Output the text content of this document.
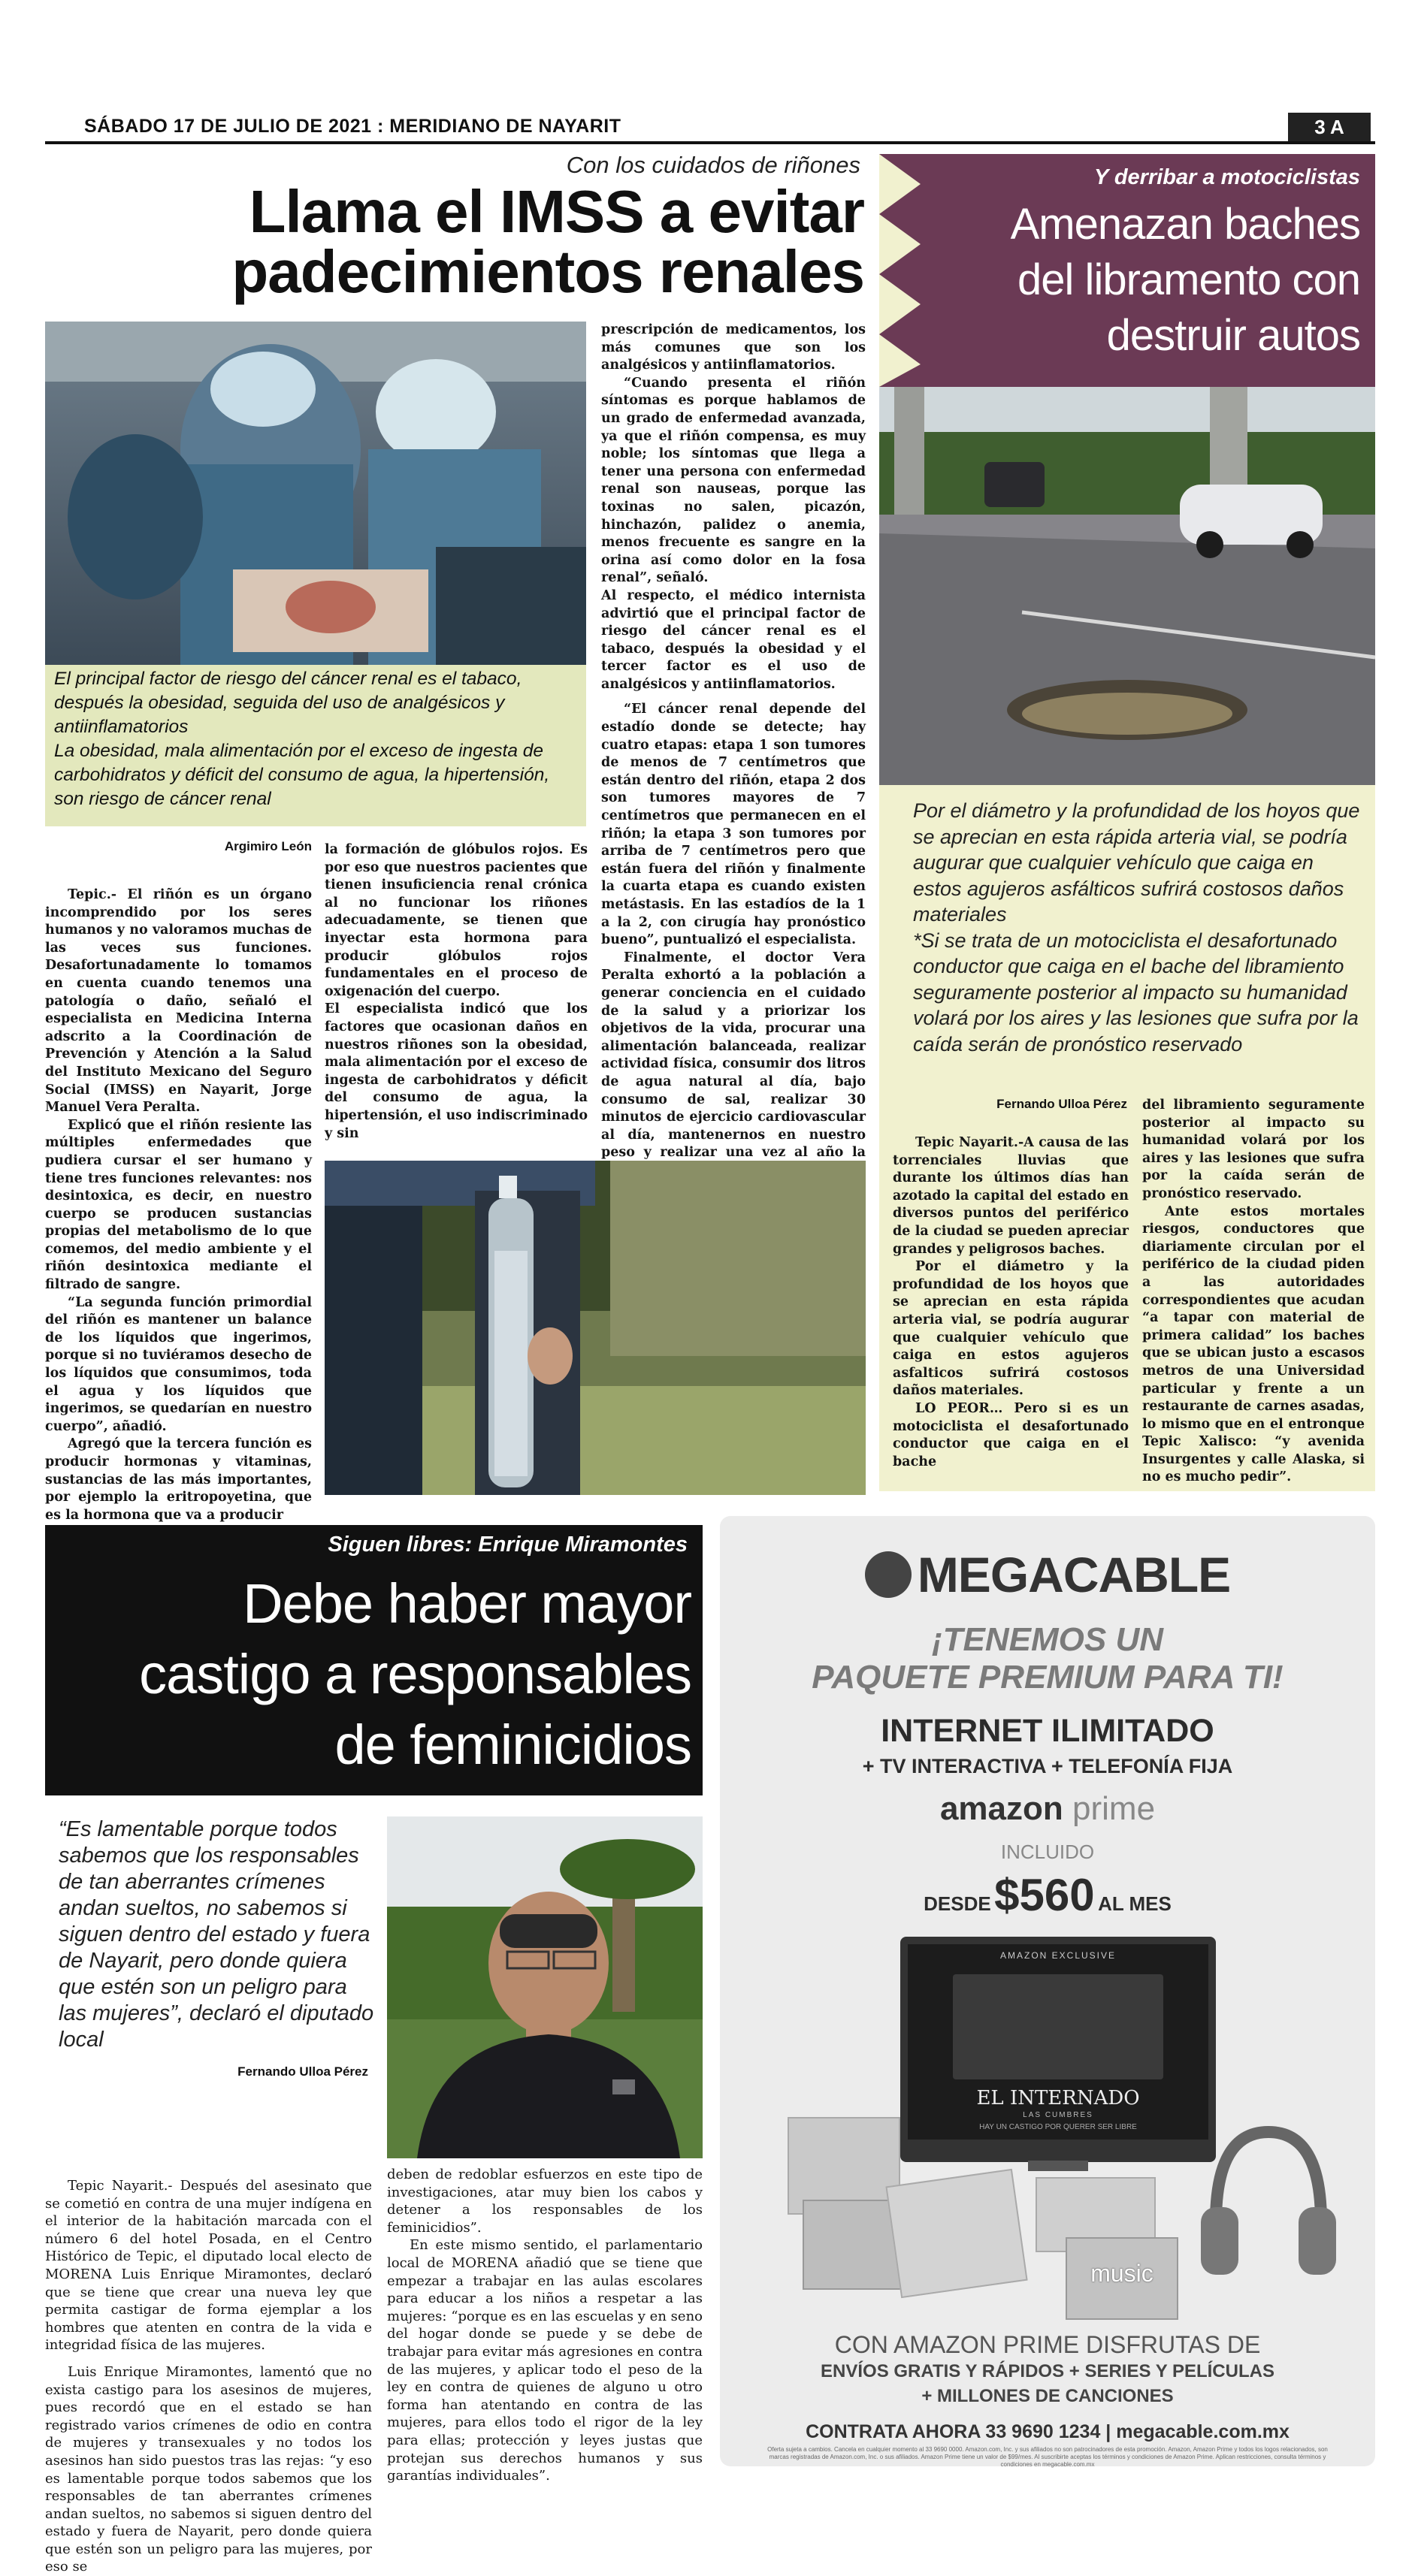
SÁBADO 17 DE JULIO DE 2021 : MERIDIANO DE NAYARIT	3 A
Con los cuidados de riñones
Llama el IMSS a evitar
padecimientos renales
El principal factor de riesgo del cáncer renal es el tabaco, después la obesidad, seguida del uso de analgésicos y antiinflamatorios
La obesidad, mala alimentación por el exceso de ingesta de carbohidratos y déficit del consumo de agua, la hipertensión, son riesgo de cáncer renal
Argimiro León

Tepic.- El riñón es un órgano incomprendido por los seres humanos y no valoramos muchas de las veces sus funciones. Desafortunadamente lo tomamos en cuenta cuando tenemos una patología o daño, señaló el especialista en Medicina Interna adscrito a la Coordinación de Prevención y Atención a la Salud del Instituto Mexicano del Seguro Social (IMSS) en Nayarit, Jorge Manuel Vera Peralta.

Explicó que el riñón resiente las múltiples enfermedades que pudiera cursar el ser humano y tiene tres funciones relevantes: nos desintoxica, es decir, en nuestro cuerpo se producen sustancias propias del metabolismo de lo que comemos, del medio ambiente y el riñón desintoxica mediante el filtrado de sangre.

“La segunda función primordial del riñón es mantener un balance de los líquidos que ingerimos, porque si no tuviéramos desecho de los líquidos que consumimos, toda el agua y los líquidos que ingerimos, se quedarían en nuestro cuerpo”, añadió.

Agregó que la tercera función es producir hormonas y vitaminas, sustancias de las más importantes, por ejemplo la eritropoyetina, que es la hormona que va a producir

la formación de glóbulos rojos. Es por eso que nuestros pacientes que tienen insuficiencia renal crónica al no funcionar los riñones adecuadamente, se tienen que inyectar esta hormona para producir glóbulos rojos fundamentales en el proceso de oxigenación del cuerpo.

El especialista indicó que los factores que ocasionan daños en nuestros riñones son la obesidad, mala alimentación por el exceso de ingesta de carbohidratos y déficit del consumo de agua, la hipertensión, el uso indiscriminado y sin

prescripción de medicamentos, los más comunes que son los analgésicos y antiinflamatorios.

“Cuando presenta el riñón síntomas es porque hablamos de un grado de enfermedad avanzada, ya que el riñón compensa, es muy noble; los síntomas que llega a tener una persona con enfermedad renal son nauseas, porque las toxinas no salen, picazón, hinchazón, palidez o anemia, menos frecuente es sangre en la orina así como dolor en la fosa renal”, señaló.

Al respecto, el médico internista advirtió que el principal factor de riesgo del cáncer renal es el tabaco, después la obesidad y el tercer factor es el uso de analgésicos y antiinflamatorios.

“El cáncer renal depende del estadío donde se detecte; hay cuatro etapas: etapa 1 son tumores de menos de 7 centímetros que están dentro del riñón, etapa 2 dos son tumores mayores de 7 centímetros que permanecen en el riñón; la etapa 3 son tumores por arriba de 7 centímetros pero que están fuera del riñón y finalmente la cuarta etapa es cuando existen metástasis. En las estadíos de la 1 a la 2, con cirugía hay pronóstico bueno”, puntualizó el especialista.

Finalmente, el doctor Vera Peralta exhortó a la población a generar conciencia en el cuidado de la salud y a priorizar los objetivos de la vida, procurar una alimentación balanceada, realizar actividad física, consumir dos litros de agua natural al día, bajo consumo de sal, realizar 30 minutos de ejercicio cardiovascular al día, mantenernos en nuestro peso y realizar una vez al año la

Y derribar a motociclistas
Amenazan baches
del libramento con
destruir autos
Por el diámetro y la profundidad de los hoyos que se aprecian en esta rápida arteria vial, se podría augurar que cualquier vehículo que caiga en estos agujeros asfálticos sufrirá costosos daños materiales
*Si se trata de un motociclista el desafortunado conductor que caiga en el bache del libramiento seguramente posterior al impacto su humanidad volará por los aires y las lesiones que sufra por la caída serán de pronóstico reservado
Fernando Ulloa Pérez

Tepic Nayarit.-A causa de las torrenciales lluvias que durante los últimos días han azotado la capital del estado en diversos puntos del periférico de la ciudad se pueden apreciar grandes y peligrosos baches.

Por el diámetro y la profundidad de los hoyos que se aprecian en esta rápida arteria vial, se podría augurar que cualquier vehículo que caiga en estos agujeros asfalticos sufrirá costosos daños materiales.

LO PEOR… Pero si es un motociclista el desafortunado conductor que caiga en el bache

del libramiento seguramente posterior al impacto su humanidad volará por los aires y las lesiones que sufra por la caída serán de pronóstico reservado.

Ante estos mortales riesgos, conductores que diariamente circulan por el periférico de la ciudad piden a las autoridades correspondientes que acudan “a tapar con material de primera calidad” los baches que se ubican justo a escasos metros de una Universidad particular y frente a un restaurante de carnes asadas, lo mismo que en el entronque Tepic Xalisco: “y avenida Insurgentes y calle Alaska, si no es mucho pedir”.

Siguen libres: Enrique Miramontes
Debe haber mayor
castigo a responsables
de feminicidios
“Es lamentable porque todos sabemos que los responsables de tan aberrantes crímenes andan sueltos, no sabemos si siguen dentro del estado y fuera de Nayarit, pero donde quiera que estén son un peligro para las mujeres”, declaró el diputado local
Fernando Ulloa Pérez

Tepic Nayarit.- Después del asesinato que se cometió en contra de una mujer indígena en el interior de la habitación marcada con el número 6 del hotel Posada, en el Centro Histórico de Tepic, el diputado local electo de MORENA Luis Enrique Miramontes, declaró que se tiene que crear una nueva ley que permita castigar de forma ejemplar a los hombres que atenten en contra de la vida e integridad física de las mujeres.

Luis Enrique Miramontes, lamentó que no exista castigo para los asesinos de mujeres, pues recordó que en el estado se han registrado varios crímenes de odio en contra de mujeres y transexuales y no todos los asesinos han sido puestos tras las rejas: “y eso es lamentable porque todos sabemos que los responsables de tan aberrantes crímenes andan sueltos, no sabemos si siguen dentro del estado y fuera de Nayarit, pero donde quiera que estén son un peligro para las mujeres, por eso se

deben de redoblar esfuerzos en este tipo de investigaciones, atar muy bien los cabos y detener a los responsables de los feminicidios”.

En este mismo sentido, el parlamentario local de MORENA añadió que se tiene que empezar a trabajar en las aulas escolares para educar a los niños a respetar a las mujeres: “porque es en las escuelas y en seno del hogar donde se puede y se debe de trabajar para evitar más agresiones en contra de las mujeres, y aplicar todo el peso de la ley en contra de quienes de alguno u otro forma han atentando en contra de las mujeres, para ellos todo el rigor de la ley para ellas; protección y leyes justas que protejan sus derechos humanos y sus garantías individuales”.

MEGACABLE
¡TENEMOS UN
PAQUETE PREMIUM PARA TI!
INTERNET ILIMITADO
+ TV INTERACTIVA + TELEFONÍA FIJA
amazon prime
INCLUIDO
DESDE $560 AL MES
AMAZON EXCLUSIVE
EL INTERNADO
LAS CUMBRES
HAY UN CASTIGO POR QUERER SER LIBRE
music
CON AMAZON PRIME DISFRUTAS DE
ENVÍOS GRATIS Y RÁPIDOS + SERIES Y PELÍCULAS
+ MILLONES DE CANCIONES
CONTRATA AHORA 33 9690 1234 | megacable.com.mx
Oferta sujeta a cambios. Cancela en cualquier momento al 33 9690 0000. Amazon.com, Inc. y sus afiliados no son patrocinadores de esta promoción. Amazon, Amazon Prime y todos los logos relacionados, son marcas registradas de Amazon.com, Inc. o sus afiliados. Amazon Prime tiene un valor de $99/mes. Al suscribirte aceptas los términos y condiciones de Amazon Prime. Aplican restricciones, consulta términos y condiciones en megacable.com.mx
